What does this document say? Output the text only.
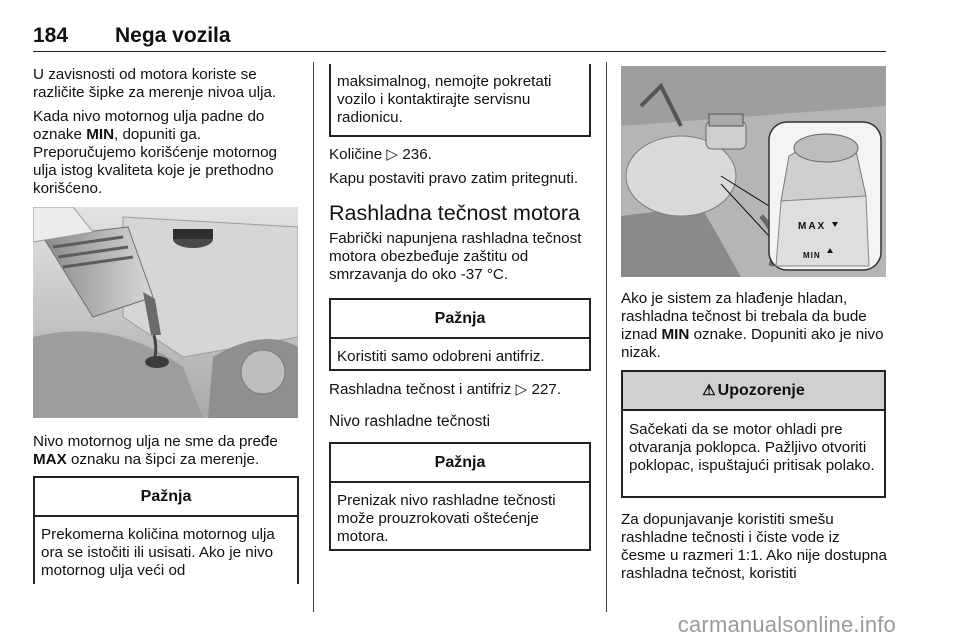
184 Nega vozila

U zavisnosti od motora koriste se različite šipke za merenje nivoa ulja.

Kada nivo motornog ulja padne do oznake MIN, dopuniti ga.

Preporučujemo korišćenje motornog ulja istog kvaliteta koje je prethodno korišćeno.

Nivo motornog ulja ne sme da pređe MAX oznaku na šipci za merenje.

Pažnja
Prekomerna količina motornog ulja ora se istočiti ili usisati. Ako je nivo motornog ulja veći od
maksimalnog, nemojte pokretati vozilo i kontaktirajte servisnu radionicu.

Količine ▷ 236.

Kapu postaviti pravo zatim pritegnuti.

Rashladna tečnost motora

Fabrički napunjena rashladna tečnost motora obezbeđuje zaštitu od smrzavanja do oko -37 °C.

Pažnja
Koristiti samo odobreni antifriz.

Rashladna tečnost i antifriz ▷ 227.

Nivo rashladne tečnosti
Pažnja
Prenizak nivo rashladne tečnosti može prouzrokovati oštećenje motora.
MAX
MIN

Ako je sistem za hlađenje hladan, rashladna tečnost bi trebala da bude iznad MIN oznake. Dopuniti ako je nivo nizak.

⚠ Upozorenje
Sačekati da se motor ohladi pre otvaranja poklopca. Pažljivo otvoriti poklopac, ispuštajući pritisak polako.

Za dopunjavanje koristiti smešu rashladne tečnosti i čiste vode iz česme u razmeri 1:1. Ako nije dostupna rashladna tečnost, koristiti

carmanualsonline.info
